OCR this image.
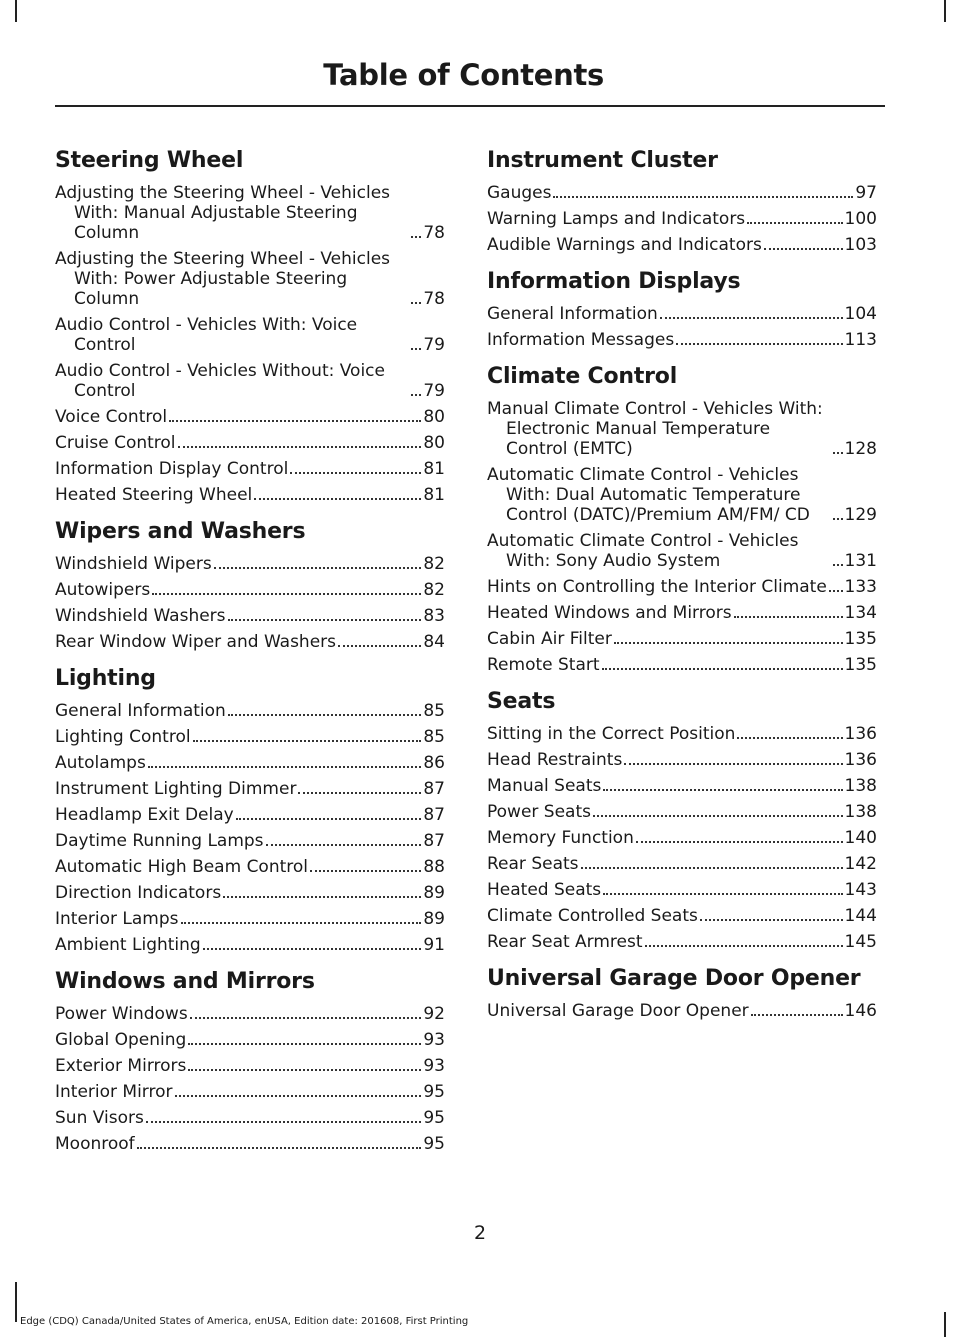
Table of Contents
Steering Wheel
Adjusting the Steering Wheel - Vehicles With: Manual Adjustable Steering Column	78
Adjusting the Steering Wheel - Vehicles With: Power Adjustable Steering Column	78
Audio Control - Vehicles With: Voice Control	79
Audio Control - Vehicles Without: Voice Control	79
Voice Control	80
Cruise Control	80
Information Display Control	81
Heated Steering Wheel	81
Wipers and Washers
Windshield Wipers	82
Autowipers	82
Windshield Washers	83
Rear Window Wiper and Washers	84
Lighting
General Information	85
Lighting Control	85
Autolamps	86
Instrument Lighting Dimmer	87
Headlamp Exit Delay	87
Daytime Running Lamps	87
Automatic High Beam Control	88
Direction Indicators	89
Interior Lamps	89
Ambient Lighting	91
Windows and Mirrors
Power Windows	92
Global Opening	93
Exterior Mirrors	93
Interior Mirror	95
Sun Visors	95
Moonroof	95
Instrument Cluster
Gauges	97
Warning Lamps and Indicators	100
Audible Warnings and Indicators	103
Information Displays
General Information	104
Information Messages	113
Climate Control
Manual Climate Control - Vehicles With: Electronic Manual Temperature Control (EMTC)	128
Automatic Climate Control - Vehicles With: Dual Automatic Temperature Control (DATC)/Premium AM/FM/ CD	129
Automatic Climate Control - Vehicles With: Sony Audio System	131
Hints on Controlling the Interior Climate 133
Heated Windows and Mirrors	134
Cabin Air Filter	135
Remote Start	135
Seats
Sitting in the Correct Position	136
Head Restraints	136
Manual Seats	138
Power Seats	138
Memory Function	140
Rear Seats	142
Heated Seats	143
Climate Controlled Seats	144
Rear Seat Armrest	145
Universal Garage Door Opener
Universal Garage Door Opener	146
2
Edge (CDQ) Canada/United States of America, enUSA, Edition date: 201608, First Printing
